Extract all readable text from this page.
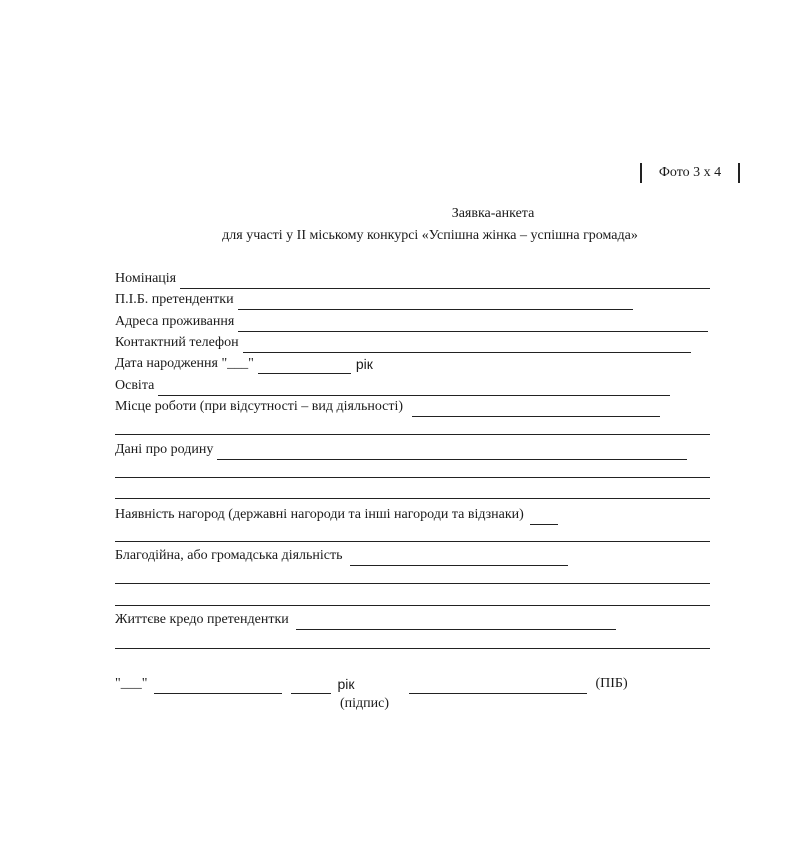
Фото 3 х 4
Заявка-анкета
для участі у ІІ міському конкурсі «Успішна жінка – успішна громада»
Номінація
П.І.Б. претендентки
Адреса проживання
Контактний телефон
Дата народження "___"	рік
Освіта
Місце роботи (при відсутності – вид діяльності)
Дані про родину
Наявність нагород (державні нагороди та інші нагороди та відзнаки)
Благодійна, або громадська діяльність
Життєве кредо претендентки
"___"	рік	(ПІБ)
(підпис)
